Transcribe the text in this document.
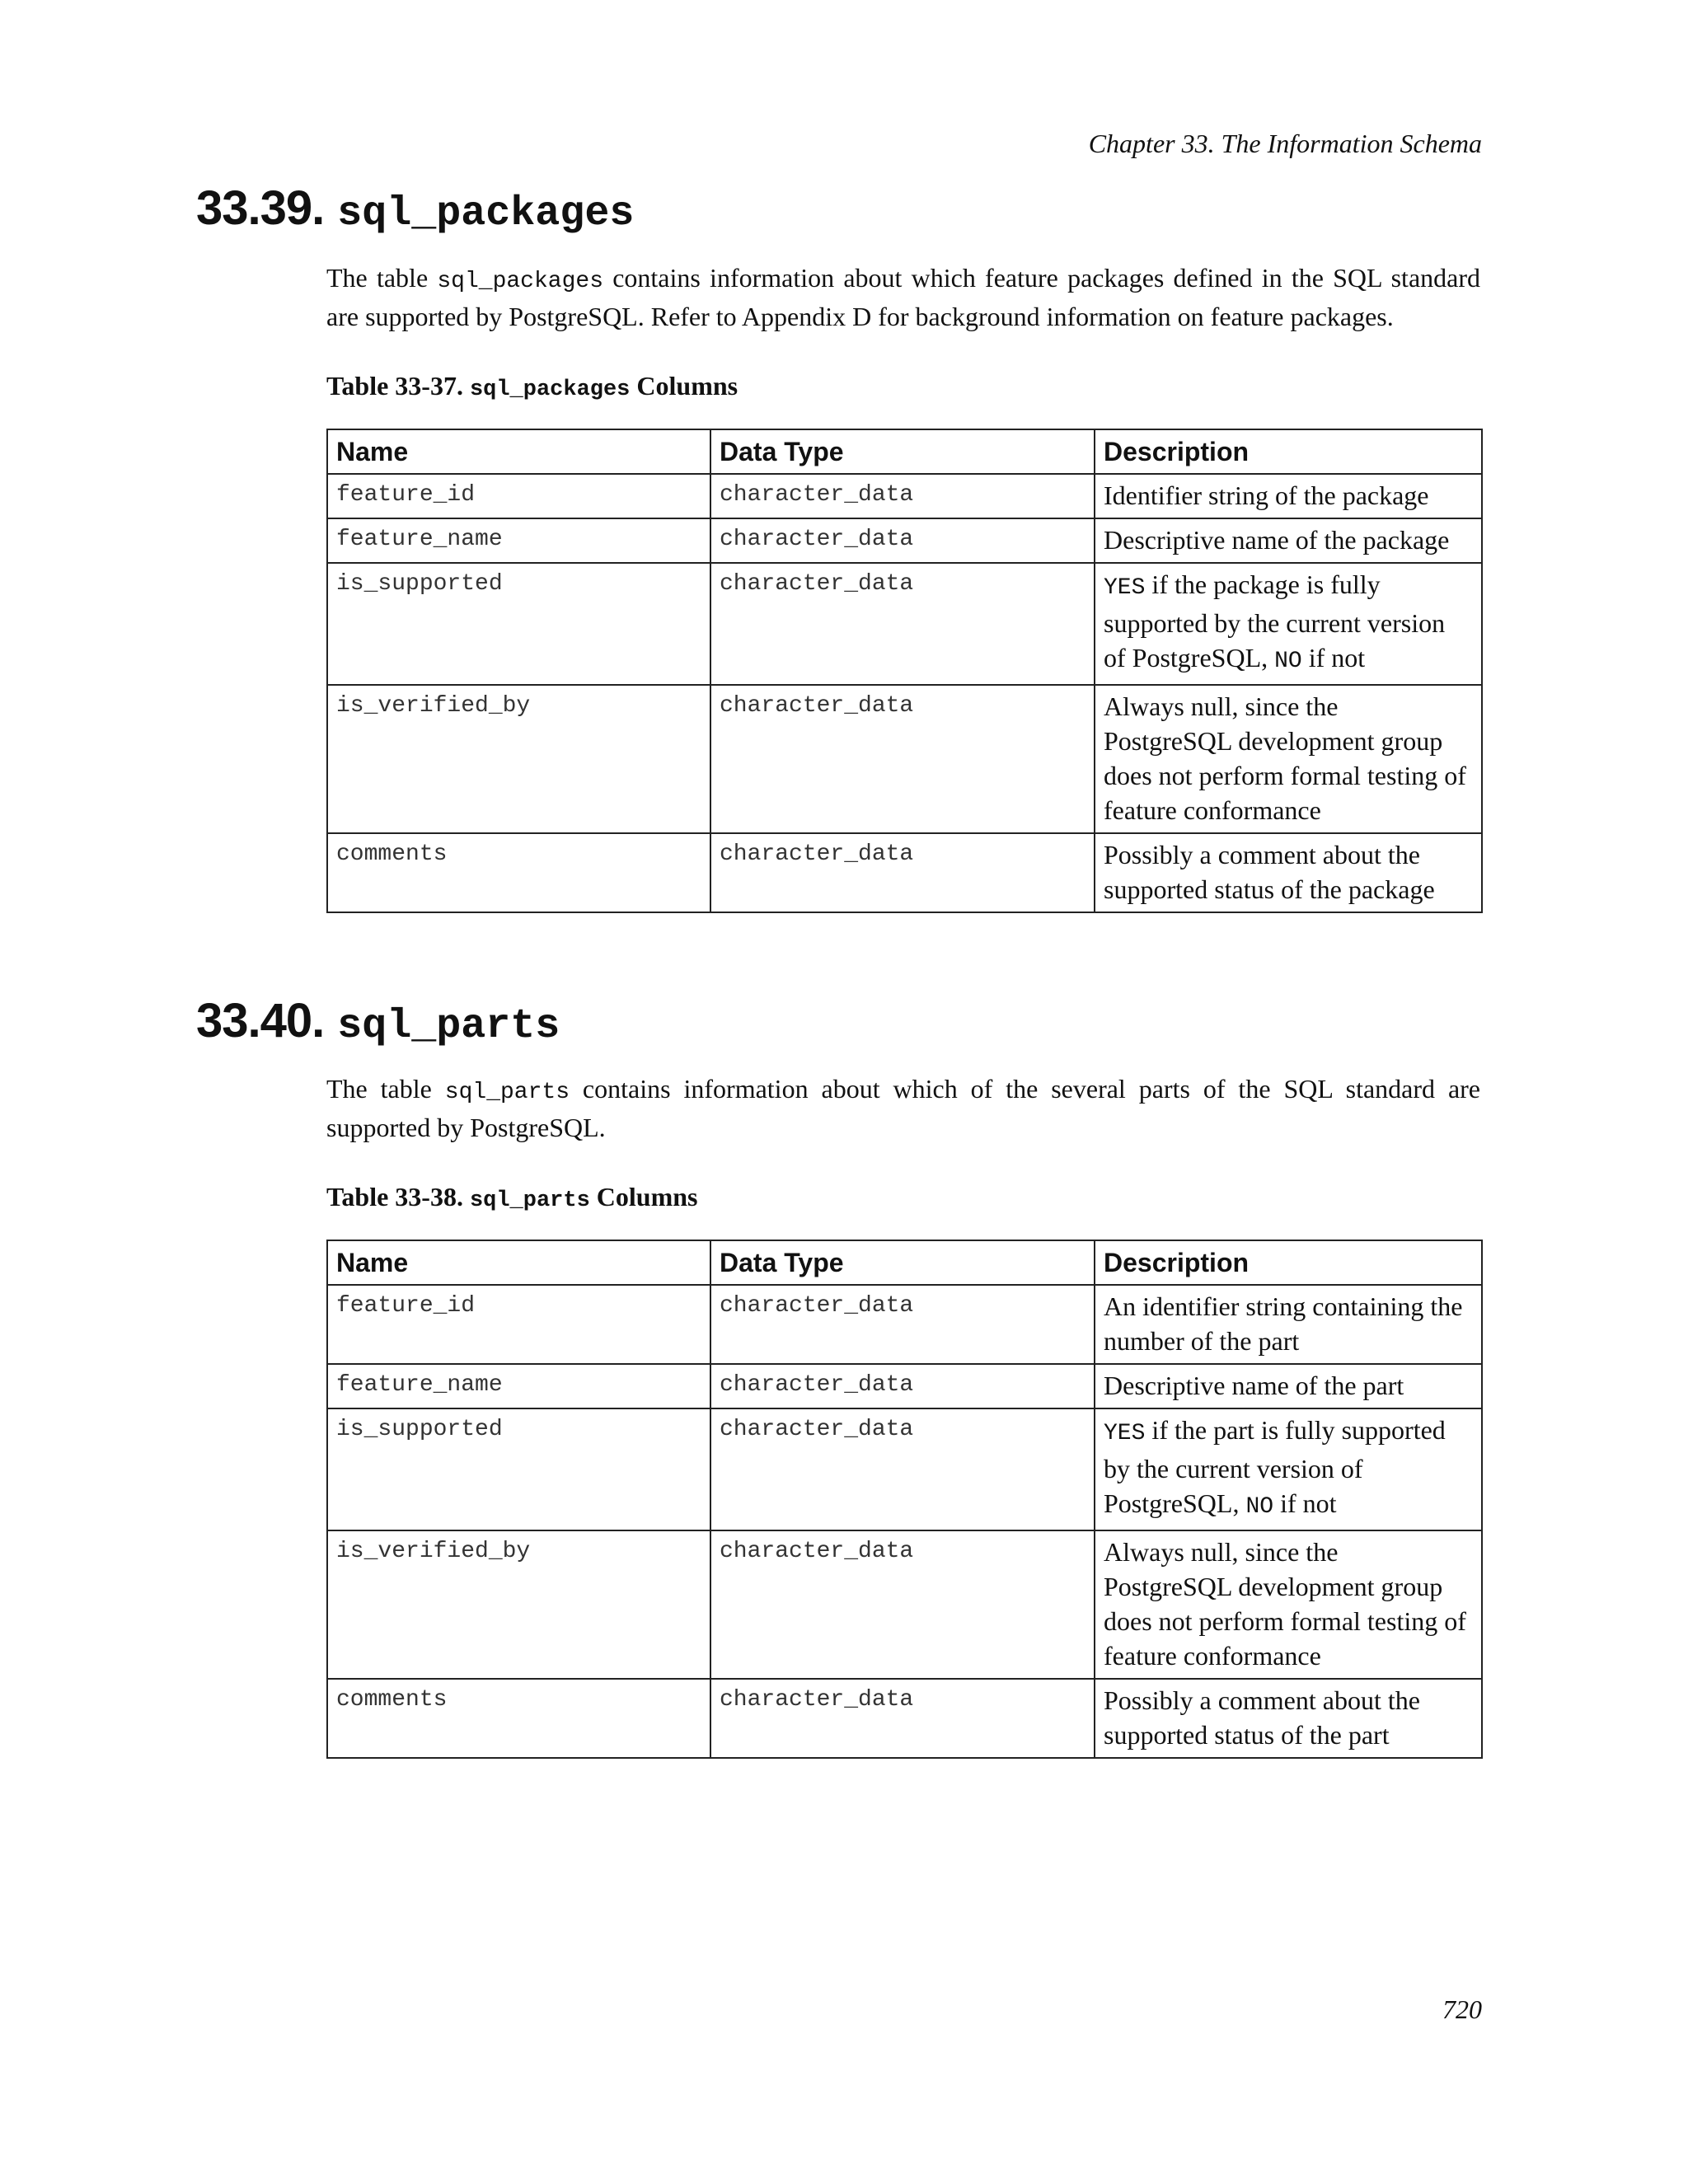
Chapter 33. The Information Schema
33.39. sql_packages

The table sql_packages contains information about which feature packages defined in the SQL standard are supported by PostgreSQL. Refer to Appendix D for background information on feature packages.

Table 33-37. sql_packages Columns
Name	Data Type	Description
feature_id	character_data	Identifier string of the package
feature_name	character_data	Descriptive name of the package
is_supported	character_data	YES if the package is fully supported by the current version of PostgreSQL, NO if not
is_verified_by	character_data	Always null, since the PostgreSQL development group does not perform formal testing of feature conformance
comments	character_data	Possibly a comment about the supported status of the package
33.40. sql_parts

The table sql_parts contains information about which of the several parts of the SQL standard are supported by PostgreSQL.

Table 33-38. sql_parts Columns
Name	Data Type	Description
feature_id	character_data	An identifier string containing the number of the part
feature_name	character_data	Descriptive name of the part
is_supported	character_data	YES if the part is fully supported by the current version of PostgreSQL, NO if not
is_verified_by	character_data	Always null, since the PostgreSQL development group does not perform formal testing of feature conformance
comments	character_data	Possibly a comment about the supported status of the part
720
